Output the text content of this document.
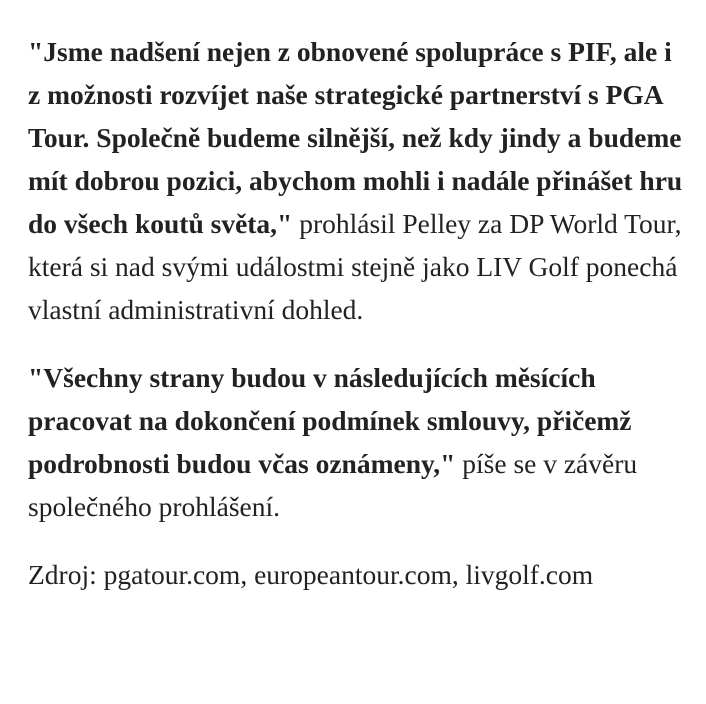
"Jsme nadšení nejen z obnovené spolupráce s PIF, ale i z možnosti rozvíjet naše strategické partnerství s PGA Tour. Společně budeme silnější, než kdy jindy a budeme mít dobrou pozici, abychom mohli i nadále přinášet hru do všech koutů světa," prohlásil Pelley za DP World Tour, která si nad svými událostmi stejně jako LIV Golf ponechá vlastní administrativní dohled.

"Všechny strany budou v následujících měsících pracovat na dokončení podmínek smlouvy, přičemž podrobnosti budou včas oznámeny," píše se v závěru společného prohlášení.

Zdroj: pgatour.com, europeantour.com, livgolf.com
